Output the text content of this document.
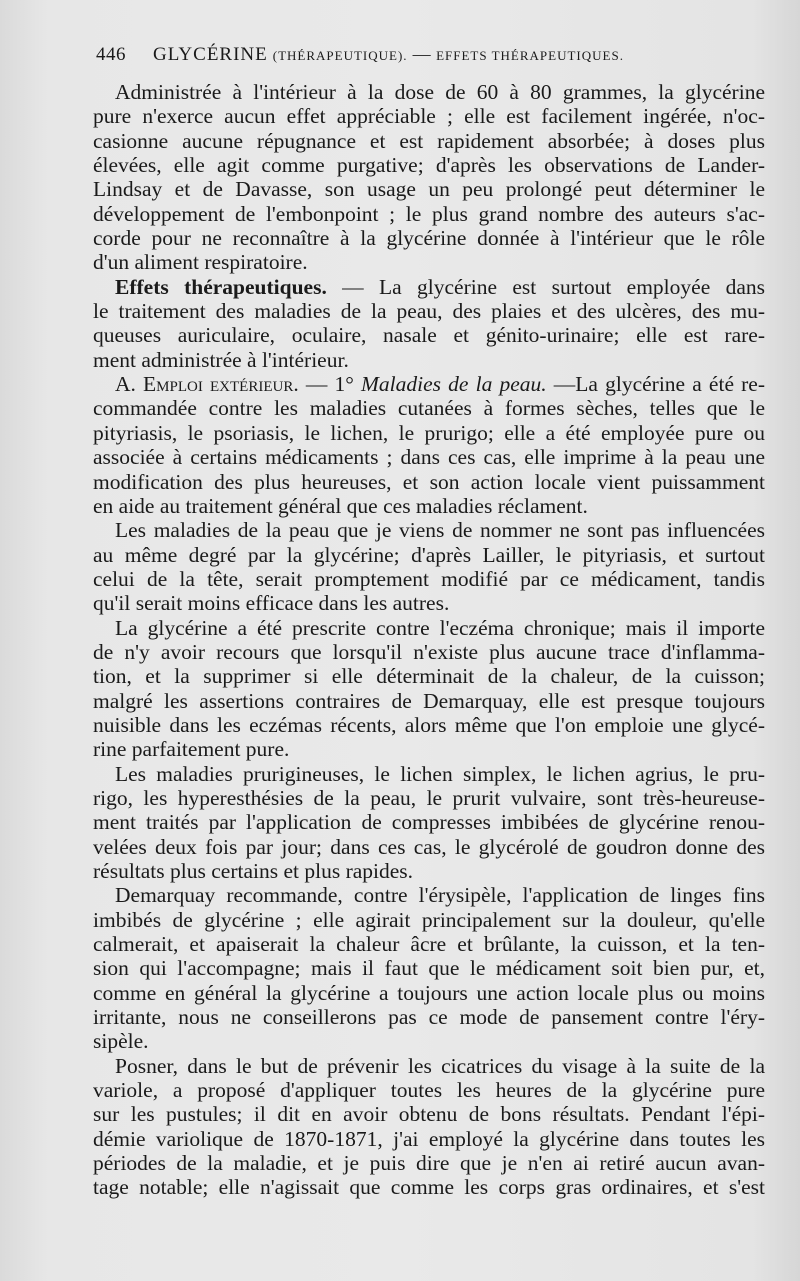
446 GLYCÉRINE (THÉRAPEUTIQUE). — EFFETS THÉRAPEUTIQUES.
Administrée à l'intérieur à la dose de 60 à 80 grammes, la glycérine
pure n'exerce aucun effet appréciable ; elle est facilement ingérée, n'oc-
casionne aucune répugnance et est rapidement absorbée; à doses plus
élevées, elle agit comme purgative; d'après les observations de Lander-
Lindsay et de Davasse, son usage un peu prolongé peut déterminer le
développement de l'embonpoint ; le plus grand nombre des auteurs s'ac-
corde pour ne reconnaître à la glycérine donnée à l'intérieur que le rôle
d'un aliment respiratoire.
Effets thérapeutiques. — La glycérine est surtout employée dans
le traitement des maladies de la peau, des plaies et des ulcères, des mu-
queuses auriculaire, oculaire, nasale et génito-urinaire; elle est rare-
ment administrée à l'intérieur.
A. Emploi extérieur. — 1° Maladies de la peau. —La glycérine a été re-
commandée contre les maladies cutanées à formes sèches, telles que le
pityriasis, le psoriasis, le lichen, le prurigo; elle a été employée pure ou
associée à certains médicaments ; dans ces cas, elle imprime à la peau une
modification des plus heureuses, et son action locale vient puissamment
en aide au traitement général que ces maladies réclament.
Les maladies de la peau que je viens de nommer ne sont pas influencées
au même degré par la glycérine; d'après Lailler, le pityriasis, et surtout
celui de la tête, serait promptement modifié par ce médicament, tandis
qu'il serait moins efficace dans les autres.
La glycérine a été prescrite contre l'eczéma chronique; mais il importe
de n'y avoir recours que lorsqu'il n'existe plus aucune trace d'inflamma-
tion, et la supprimer si elle déterminait de la chaleur, de la cuisson;
malgré les assertions contraires de Demarquay, elle est presque toujours
nuisible dans les eczémas récents, alors même que l'on emploie une glycé-
rine parfaitement pure.
Les maladies prurigineuses, le lichen simplex, le lichen agrius, le pru-
rigo, les hyperesthésies de la peau, le prurit vulvaire, sont très-heureuse-
ment traités par l'application de compresses imbibées de glycérine renou-
velées deux fois par jour; dans ces cas, le glycérolé de goudron donne des
résultats plus certains et plus rapides.
Demarquay recommande, contre l'érysipèle, l'application de linges fins
imbibés de glycérine ; elle agirait principalement sur la douleur, qu'elle
calmerait, et apaiserait la chaleur âcre et brûlante, la cuisson, et la ten-
sion qui l'accompagne; mais il faut que le médicament soit bien pur, et,
comme en général la glycérine a toujours une action locale plus ou moins
irritante, nous ne conseillerons pas ce mode de pansement contre l'éry-
sipèle.
Posner, dans le but de prévenir les cicatrices du visage à la suite de la
variole, a proposé d'appliquer toutes les heures de la glycérine pure
sur les pustules; il dit en avoir obtenu de bons résultats. Pendant l'épi-
démie variolique de 1870-1871, j'ai employé la glycérine dans toutes les
périodes de la maladie, et je puis dire que je n'en ai retiré aucun avan-
tage notable; elle n'agissait que comme les corps gras ordinaires, et s'est
